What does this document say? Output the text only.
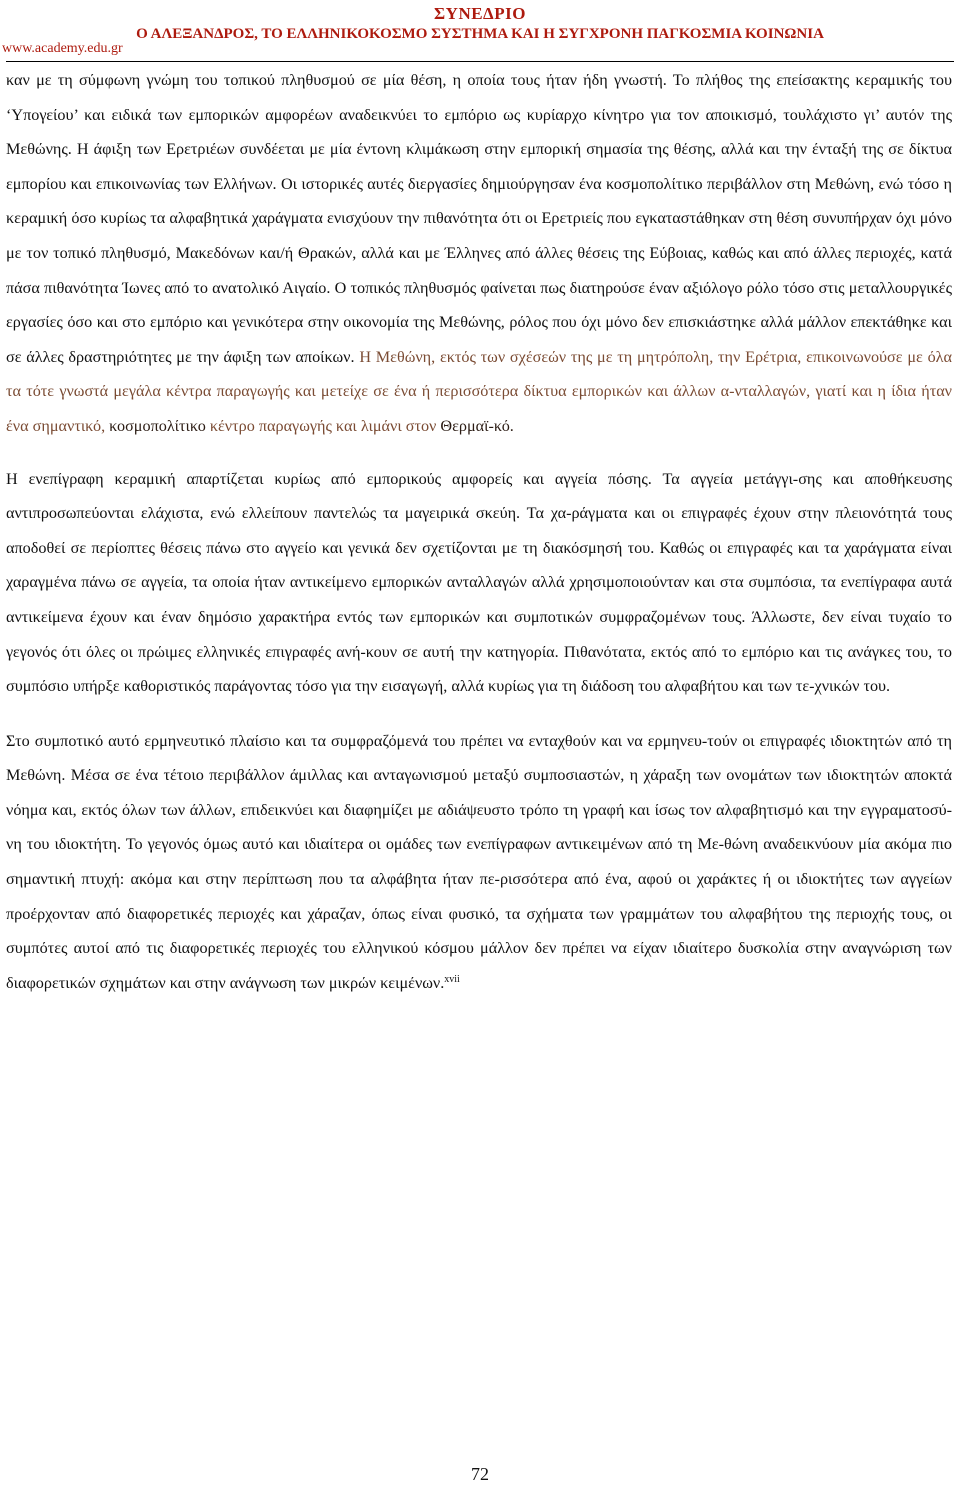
ΣΥΝΕΔΡΙΟ
Ο ΑΛΕΞΑΝΔΡΟΣ, ΤΟ ΕΛΛΗΝΙΚΟΚΟΣΜΟ ΣΥΣΤΗΜΑ ΚΑΙ Η ΣΥΓΧΡΟΝΗ ΠΑΓΚΟΣΜΙΑ ΚΟΙΝΩΝΙΑ
www.academy.edu.gr

καν με τη σύμφωνη γνώμη του τοπικού πληθυσμού σε μία θέση, η οποία τους ήταν ήδη γνωστή. Το πλήθος της επείσακτης κεραμικής του ‘Υπογείου’ και ειδικά των εμπορικών αμφορέων αναδεικνύει το εμπόριο ως κυρίαρχο κίνητρο για τον αποικισμό, τουλάχιστο γι’ αυτόν της Μεθώνης. Η άφιξη των Ερετριέων συνδέεται με μία έντονη κλιμάκωση στην εμπορική σημασία της θέσης, αλλά και την ένταξή της σε δίκτυα εμπορίου και επικοινωνίας των Ελλήνων. Οι ιστορικές αυτές διεργασίες δημιούργησαν ένα κοσμοπολίτικο περιβάλλον στη Μεθώνη, ενώ τόσο η κεραμική όσο κυρίως τα αλφαβητικά χαράγματα ενισχύουν την πιθανότητα ότι οι Ερετριείς που εγκαταστάθηκαν στη θέση συνυπήρχαν όχι μόνο με τον τοπικό πληθυσμό, Μακεδόνων και/ή Θρακών, αλλά και με Έλληνες από άλλες θέσεις της Εύβοιας, καθώς και από άλλες περιοχές, κατά πάσα πιθανότητα Ίωνες από το ανατολικό Αιγαίο. Ο τοπικός πληθυσμός φαίνεται πως διατηρούσε έναν αξιόλογο ρόλο τόσο στις μεταλλουργικές εργασίες όσο και στο εμπόριο και γενικότερα στην οικονομία της Μεθώνης, ρόλος που όχι μόνο δεν επισκιάστηκε αλλά μάλλον επεκτάθηκε και σε άλλες δραστηριότητες με την άφιξη των αποίκων. Η Μεθώνη, εκτός των σχέσεών της με τη μητρόπολη, την Ερέτρια, επικοινωνούσε με όλα τα τότε γνωστά μεγάλα κέντρα παραγωγής και μετείχε σε ένα ή περισσότερα δίκτυα εμπορικών και άλλων α-νταλλαγών, γιατί και η ίδια ήταν ένα σημαντικό, κοσμοπολίτικο κέντρο παραγωγής και λιμάνι στον Θερμαϊ-κό.

Η ενεπίγραφη κεραμική απαρτίζεται κυρίως από εμπορικούς αμφορείς και αγγεία πόσης. Τα αγγεία μετάγγι-σης και αποθήκευσης αντιπροσωπεύονται ελάχιστα, ενώ ελλείπουν παντελώς τα μαγειρικά σκεύη. Τα χα-ράγματα και οι επιγραφές έχουν στην πλειονότητά τους αποδοθεί σε περίοπτες θέσεις πάνω στο αγγείο και γενικά δεν σχετίζονται με τη διακόσμησή του. Καθώς οι επιγραφές και τα χαράγματα είναι χαραγμένα πάνω σε αγγεία, τα οποία ήταν αντικείμενο εμπορικών ανταλλαγών αλλά χρησιμοποιούνταν και στα συμπόσια, τα ενεπίγραφα αυτά αντικείμενα έχουν και έναν δημόσιο χαρακτήρα εντός των εμπορικών και συμποτικών συμφραζομένων τους. Άλλωστε, δεν είναι τυχαίο το γεγονός ότι όλες οι πρώιμες ελληνικές επιγραφές ανή-κουν σε αυτή την κατηγορία. Πιθανότατα, εκτός από το εμπόριο και τις ανάγκες του, το συμπόσιο υπήρξε καθοριστικός παράγοντας τόσο για την εισαγωγή, αλλά κυρίως για τη διάδοση του αλφαβήτου και των τε-χνικών του.

Στο συμποτικό αυτό ερμηνευτικό πλαίσιο και τα συμφραζόμενά του πρέπει να ενταχθούν και να ερμηνευ-τούν οι επιγραφές ιδιοκτητών από τη Μεθώνη. Μέσα σε ένα τέτοιο περιβάλλον άμιλλας και ανταγωνισμού μεταξύ συμποσιαστών, η χάραξη των ονομάτων των ιδιοκτητών αποκτά νόημα και, εκτός όλων των άλλων, επιδεικνύει και διαφημίζει με αδιάψευστο τρόπο τη γραφή και ίσως τον αλφαβητισμό και την εγγραματοσύ-νη του ιδιοκτήτη. Το γεγονός όμως αυτό και ιδιαίτερα οι ομάδες των ενεπίγραφων αντικειμένων από τη Με-θώνη αναδεικνύουν μία ακόμα πιο σημαντική πτυχή: ακόμα και στην περίπτωση που τα αλφάβητα ήταν πε-ρισσότερα από ένα, αφού οι χαράκτες ή οι ιδιοκτήτες των αγγείων προέρχονταν από διαφορετικές περιοχές και χάραζαν, όπως είναι φυσικό, τα σχήματα των γραμμάτων του αλφαβήτου της περιοχής τους, οι συμπότες αυτοί από τις διαφορετικές περιοχές του ελληνικού κόσμου μάλλον δεν πρέπει να είχαν ιδιαίτερο δυσκολία στην αναγνώριση των διαφορετικών σχημάτων και στην ανάγνωση των μικρών κειμένων.$^{xvii}$

72
